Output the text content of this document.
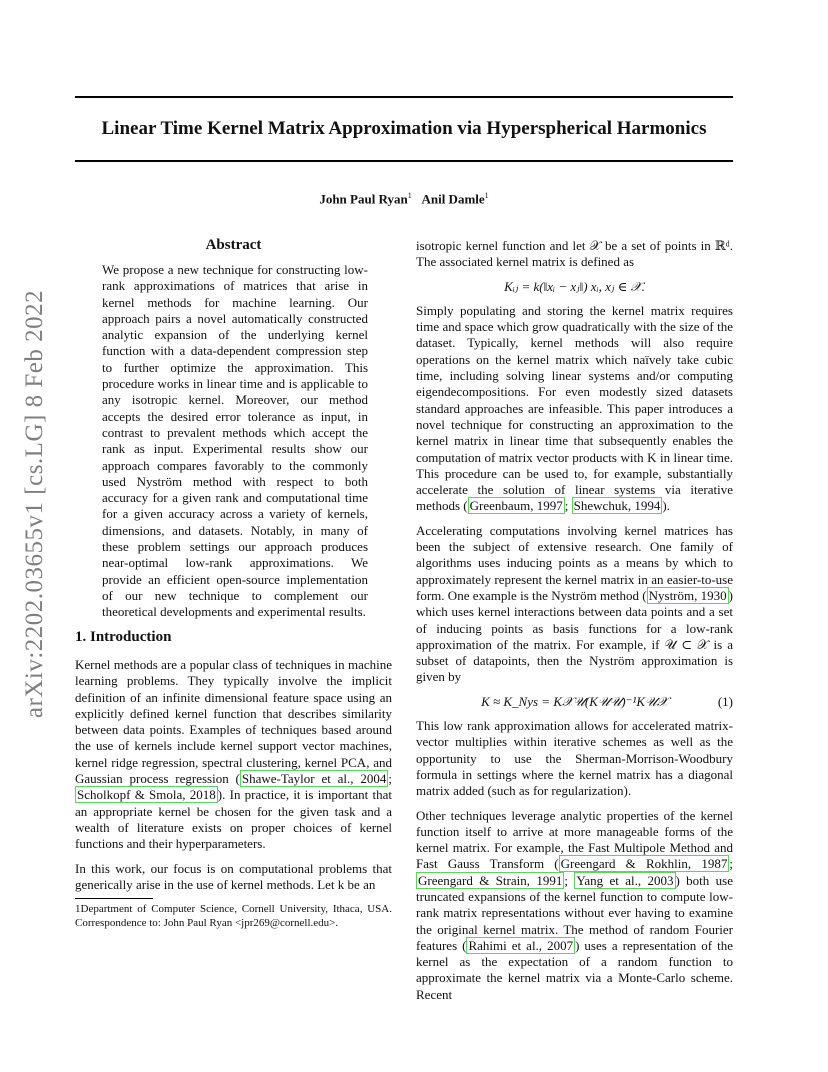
Linear Time Kernel Matrix Approximation via Hyperspherical Harmonics
John Paul Ryan$^1$ Anil Damle$^1$
arXiv:2202.03655v1 [cs.LG] 8 Feb 2022
Abstract
We propose a new technique for constructing low-rank approximations of matrices that arise in kernel methods for machine learning. Our approach pairs a novel automatically constructed analytic expansion of the underlying kernel function with a data-dependent compression step to further optimize the approximation. This procedure works in linear time and is applicable to any isotropic kernel. Moreover, our method accepts the desired error tolerance as input, in contrast to prevalent methods which accept the rank as input. Experimental results show our approach compares favorably to the commonly used Nyström method with respect to both accuracy for a given rank and computational time for a given accuracy across a variety of kernels, dimensions, and datasets. Notably, in many of these problem settings our approach produces near-optimal low-rank approximations. We provide an efficient open-source implementation of our new technique to complement our theoretical developments and experimental results.
1. Introduction

Kernel methods are a popular class of techniques in machine learning problems. They typically involve the implicit definition of an infinite dimensional feature space using an explicitly defined kernel function that describes similarity between data points. Examples of techniques based around the use of kernels include kernel support vector machines, kernel ridge regression, spectral clustering, kernel PCA, and Gaussian process regression ( Shawe-Taylor et al., 2004 ; Scholkopf & Smola, 2018 ). In practice, it is important that an appropriate kernel be chosen for the given task and a wealth of literature exists on proper choices of kernel functions and their hyperparameters.

In this work, our focus is on computational problems that generically arise in the use of kernel methods. Let k be an

1Department of Computer Science, Cornell University, Ithaca, USA. Correspondence to: John Paul Ryan <jpr269@cornell.edu>.

isotropic kernel function and let 𝒳 be a set of points in ℝᵈ. The associated kernel matrix is defined as

Kᵢⱼ = k(‖xᵢ − xⱼ‖) xᵢ, xⱼ ∈ 𝒳.

Simply populating and storing the kernel matrix requires time and space which grow quadratically with the size of the dataset. Typically, kernel methods will also require operations on the kernel matrix which naïvely take cubic time, including solving linear systems and/or computing eigendecompositions. For even modestly sized datasets standard approaches are infeasible. This paper introduces a novel technique for constructing an approximation to the kernel matrix in linear time that subsequently enables the computation of matrix vector products with K in linear time. This procedure can be used to, for example, substantially accelerate the solution of linear systems via iterative methods ( Greenbaum, 1997 ; Shewchuk, 1994 ).

Accelerating computations involving kernel matrices has been the subject of extensive research. One family of algorithms uses inducing points as a means by which to approximately represent the kernel matrix in an easier-to-use form. One example is the Nyström method ( Nyström, 1930 ) which uses kernel interactions between data points and a set of inducing points as basis functions for a low-rank approximation of the matrix. For example, if 𝒰 ⊂ 𝒳 is a subset of datapoints, then the Nyström approximation is given by

K ≈ K_Nys = K𝒳𝒰(K𝒰𝒰)⁻¹K𝒰𝒳	(1)

This low rank approximation allows for accelerated matrix-vector multiplies within iterative schemes as well as the opportunity to use the Sherman-Morrison-Woodbury formula in settings where the kernel matrix has a diagonal matrix added (such as for regularization).

Other techniques leverage analytic properties of the kernel function itself to arrive at more manageable forms of the kernel matrix. For example, the Fast Multipole Method and Fast Gauss Transform ( Greengard & Rokhlin, 1987 ; Greengard & Strain, 1991 ; Yang et al., 2003 ) both use truncated expansions of the kernel function to compute low-rank matrix representations without ever having to examine the original kernel matrix. The method of random Fourier features ( Rahimi et al., 2007 ) uses a representation of the kernel as the expectation of a random function to approximate the kernel matrix via a Monte-Carlo scheme. Recent
